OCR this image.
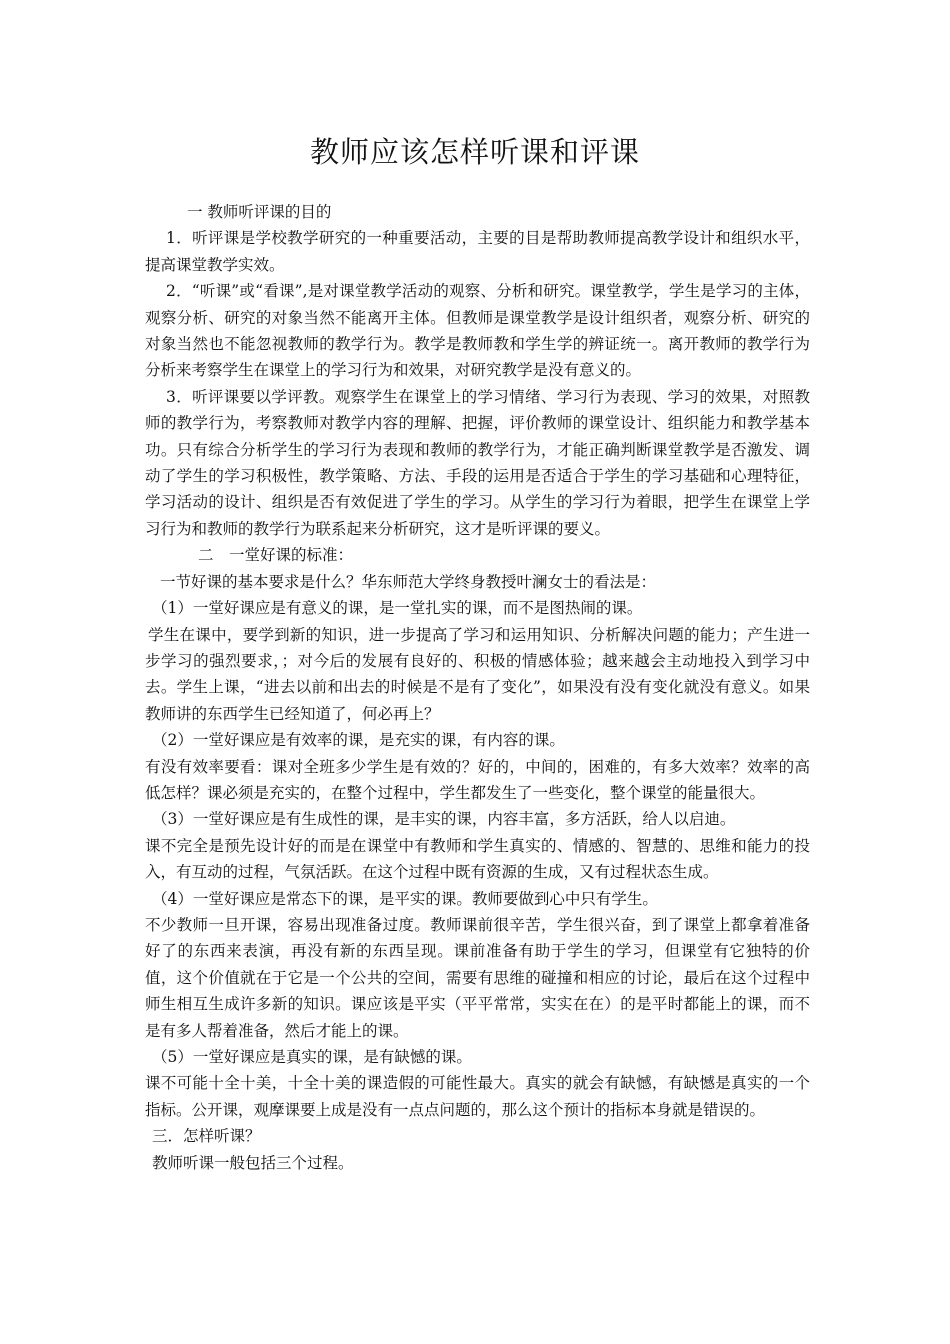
教师应该怎样听课和评课

一 教师听评课的目的

1．听评课是学校教学研究的一种重要活动，主要的目是帮助教师提高教学设计和组织水平，提高课堂教学实效。

2．“听课”或“看课”,是对课堂教学活动的观察、分析和研究。课堂教学，学生是学习的主体，观察分析、研究的对象当然不能离开主体。但教师是课堂教学是设计组织者，观察分析、研究的对象当然也不能忽视教师的教学行为。教学是教师教和学生学的辨证统一。离开教师的教学行为分析来考察学生在课堂上的学习行为和效果，对研究教学是没有意义的。

3．听评课要以学评教。观察学生在课堂上的学习情绪、学习行为表现、学习的效果，对照教师的教学行为，考察教师对教学内容的理解、把握，评价教师的课堂设计、组织能力和教学基本功。只有综合分析学生的学习行为表现和教师的教学行为，才能正确判断课堂教学是否激发、调动了学生的学习积极性，教学策略、方法、手段的运用是否适合于学生的学习基础和心理特征，学习活动的设计、组织是否有效促进了学生的学习。从学生的学习行为着眼，把学生在课堂上学习行为和教师的教学行为联系起来分析研究，这才是听评课的要义。

二　一堂好课的标准：

一节好课的基本要求是什么？华东师范大学终身教授叶澜女士的看法是：

（1）一堂好课应是有意义的课，是一堂扎实的课，而不是图热闹的课。

学生在课中，要学到新的知识，进一步提高了学习和运用知识、分析解决问题的能力；产生进一步学习的强烈要求，；对今后的发展有良好的、积极的情感体验；越来越会主动地投入到学习中去。学生上课，“进去以前和出去的时候是不是有了变化”，如果没有没有变化就没有意义。如果教师讲的东西学生已经知道了，何必再上？

（2）一堂好课应是有效率的课，是充实的课，有内容的课。

有没有效率要看：课对全班多少学生是有效的？好的，中间的，困难的，有多大效率？效率的高低怎样？课必须是充实的，在整个过程中，学生都发生了一些变化，整个课堂的能量很大。

（3）一堂好课应是有生成性的课，是丰实的课，内容丰富，多方活跃，给人以启迪。

课不完全是预先设计好的而是在课堂中有教师和学生真实的、情感的、智慧的、思维和能力的投入，有互动的过程，气氛活跃。在这个过程中既有资源的生成，又有过程状态生成。

（4）一堂好课应是常态下的课，是平实的课。教师要做到心中只有学生。

不少教师一旦开课，容易出现准备过度。教师课前很辛苦，学生很兴奋，到了课堂上都拿着准备好了的东西来表演，再没有新的东西呈现。课前准备有助于学生的学习，但课堂有它独特的价值，这个价值就在于它是一个公共的空间，需要有思维的碰撞和相应的讨论，最后在这个过程中师生相互生成许多新的知识。课应该是平实（平平常常，实实在在）的是平时都能上的课，而不是有多人帮着准备，然后才能上的课。

（5）一堂好课应是真实的课，是有缺憾的课。

课不可能十全十美，十全十美的课造假的可能性最大。真实的就会有缺憾，有缺憾是真实的一个指标。公开课，观摩课要上成是没有一点点问题的，那么这个预计的指标本身就是错误的。

三．怎样听课？

教师听课一般包括三个过程。
